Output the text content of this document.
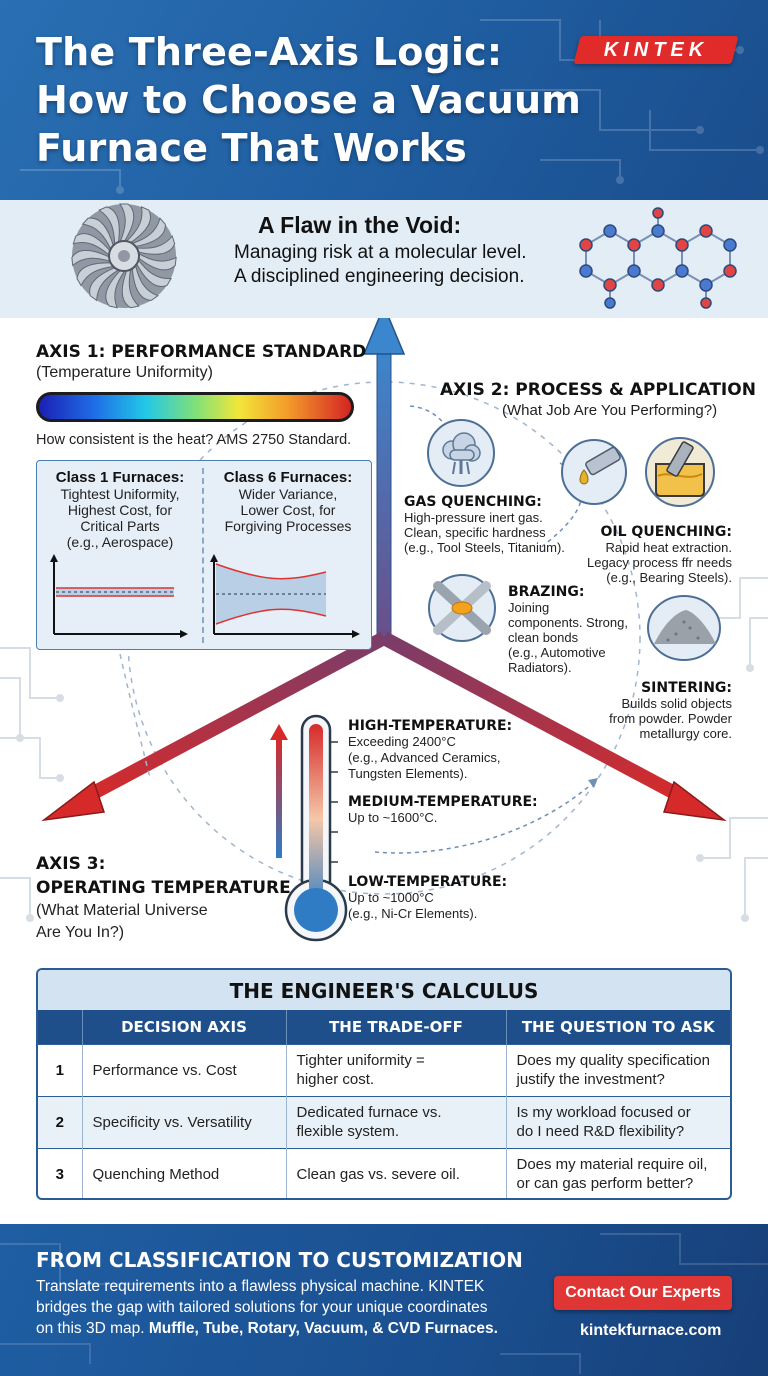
The Three-Axis Logic:
How to Choose a Vacuum
Furnace That Works
KINTEK
A Flaw in the Void:
Managing risk at a molecular level.
A disciplined engineering decision.
AXIS 1: PERFORMANCE STANDARD
(Temperature Uniformity)
How consistent is the heat? AMS 2750 Standard.
Class 1 Furnaces:
Tightest Uniformity,
Highest Cost, for
Critical Parts
(e.g., Aerospace)
Class 6 Furnaces:
Wider Variance,
Lower Cost, for
Forgiving Processes
AXIS 2: PROCESS & APPLICATION
(What Job Are You Performing?)
GAS QUENCHING:
High-pressure inert gas.
Clean, specific hardness
(e.g., Tool Steels, Titanium).
OIL QUENCHING:
Rapid heat extraction.
Legacy process ffr needs
(e.g., Bearing Steels).
BRAZING:
Joining
components. Strong,
clean bonds
(e.g., Automotive
Radiators).
SINTERING:
Builds solid objects
from powder. Powder
metallurgy core.
HIGH-TEMPERATURE:
Exceeding 2400°C
(e.g., Advanced Ceramics,
Tungsten Elements).
MEDIUM-TEMPERATURE:
Up to ~1600°C.
LOW-TEMPERATURE:
Up to ~1000°C
(e.g., Ni-Cr Elements).
AXIS 3:
OPERATING TEMPERATURE
(What Material Universe
Are You In?)
THE ENGINEER'S CALCULUS
	DECISION AXIS	THE TRADE-OFF	THE QUESTION TO ASK
1	Performance vs. Cost	Tighter uniformity =
higher cost.	Does my quality specification
justify the investment?
2	Specificity vs. Versatility	Dedicated furnace vs.
flexible system.	Is my workload focused or
do I need R&D flexibility?
3	Quenching Method	Clean gas vs. severe oil.	Does my material require oil,
or can gas perform better?
FROM CLASSIFICATION TO CUSTOMIZATION
Translate requirements into a flawless physical machine. KINTEK
bridges the gap with tailored solutions for your unique coordinates
on this 3D map. Muffle, Tube, Rotary, Vacuum, & CVD Furnaces.
Contact Our Experts
kintekfurnace.com
